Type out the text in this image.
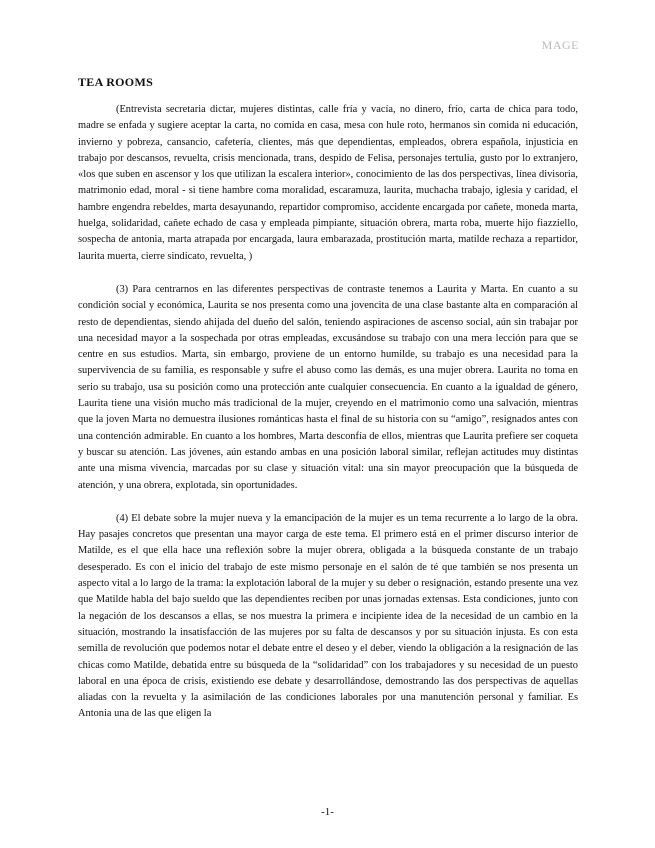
MAGE
TEA ROOMS

(Entrevista secretaria dictar, mujeres distintas, calle fría y vacía, no dinero, frío, carta de chica para todo, madre se enfada y sugiere aceptar la carta, no comida en casa, mesa con hule roto, hermanos sin comida ni educación, invierno y pobreza, cansancio, cafetería, clientes, más que dependientas, empleados, obrera española, injusticia en trabajo por descansos, revuelta, crisis mencionada, trans, despido de Felisa, personajes tertulia, gusto por lo extranjero, «los que suben en ascensor y los que utilizan la escalera interior», conocimiento de las dos perspectivas, línea divisoria, matrimonio edad, moral - si tiene hambre coma moralidad, escaramuza, laurita, muchacha trabajo, iglesia y caridad, el hambre engendra rebeldes, marta desayunando, repartidor compromiso, accidente encargada por cañete, moneda marta, huelga, solidaridad, cañete echado de casa y empleada pimpiante, situación obrera, marta roba, muerte hijo fiazziello, sospecha de antonia, marta atrapada por encargada, laura embarazada, prostitución marta, matilde rechaza a repartidor, laurita muerta, cierre sindicato, revuelta, )

(3) Para centrarnos en las diferentes perspectivas de contraste tenemos a Laurita y Marta. En cuanto a su condición social y económica, Laurita se nos presenta como una jovencita de una clase bastante alta en comparación al resto de dependientas, siendo ahijada del dueño del salón, teniendo aspiraciones de ascenso social, aún sin trabajar por una necesidad mayor a la sospechada por otras empleadas, excusándose su trabajo con una mera lección para que se centre en sus estudios. Marta, sin embargo, proviene de un entorno humilde, su trabajo es una necesidad para la supervivencia de su familia, es responsable y sufre el abuso como las demás, es una mujer obrera. Laurita no toma en serio su trabajo, usa su posición como una protección ante cualquier consecuencia. En cuanto a la igualdad de género, Laurita tiene una visión mucho más tradicional de la mujer, creyendo en el matrimonio como una salvación, mientras que la joven Marta no demuestra ilusiones románticas hasta el final de su historia con su “amigo”, resignados antes con una contención admirable. En cuanto a los hombres, Marta desconfía de ellos, mientras que Laurita prefiere ser coqueta y buscar su atención. Las jóvenes, aún estando ambas en una posición laboral similar, reflejan actitudes muy distintas ante una misma vivencia, marcadas por su clase y situación vital: una sin mayor preocupación que la búsqueda de atención, y una obrera, explotada, sin oportunidades.

(4) El debate sobre la mujer nueva y la emancipación de la mujer es un tema recurrente a lo largo de la obra. Hay pasajes concretos que presentan una mayor carga de este tema. El primero está en el primer discurso interior de Matilde, es el que ella hace una reflexión sobre la mujer obrera, obligada a la búsqueda constante de un trabajo desesperado. Es con el inicio del trabajo de este mismo personaje en el salón de té que también se nos presenta un aspecto vital a lo largo de la trama: la explotación laboral de la mujer y su deber o resignación, estando presente una vez que Matilde habla del bajo sueldo que las dependientes reciben por unas jornadas extensas. Esta condiciones, junto con la negación de los descansos a ellas, se nos muestra la primera e incipiente idea de la necesidad de un cambio en la situación, mostrando la insatisfacción de las mujeres por su falta de descansos y por su situación injusta. Es con esta semilla de revolución que podemos notar el debate entre el deseo y el deber, viendo la obligación a la resignación de las chicas como Matilde, debatida entre su búsqueda de la “solidaridad” con los trabajadores y su necesidad de un puesto laboral en una época de crisis, existiendo ese debate y desarrollándose, demostrando las dos perspectivas de aquellas aliadas con la revuelta y la asimilación de las condiciones laborales por una manutención personal y familiar. Es Antonia una de las que eligen la

-1-
